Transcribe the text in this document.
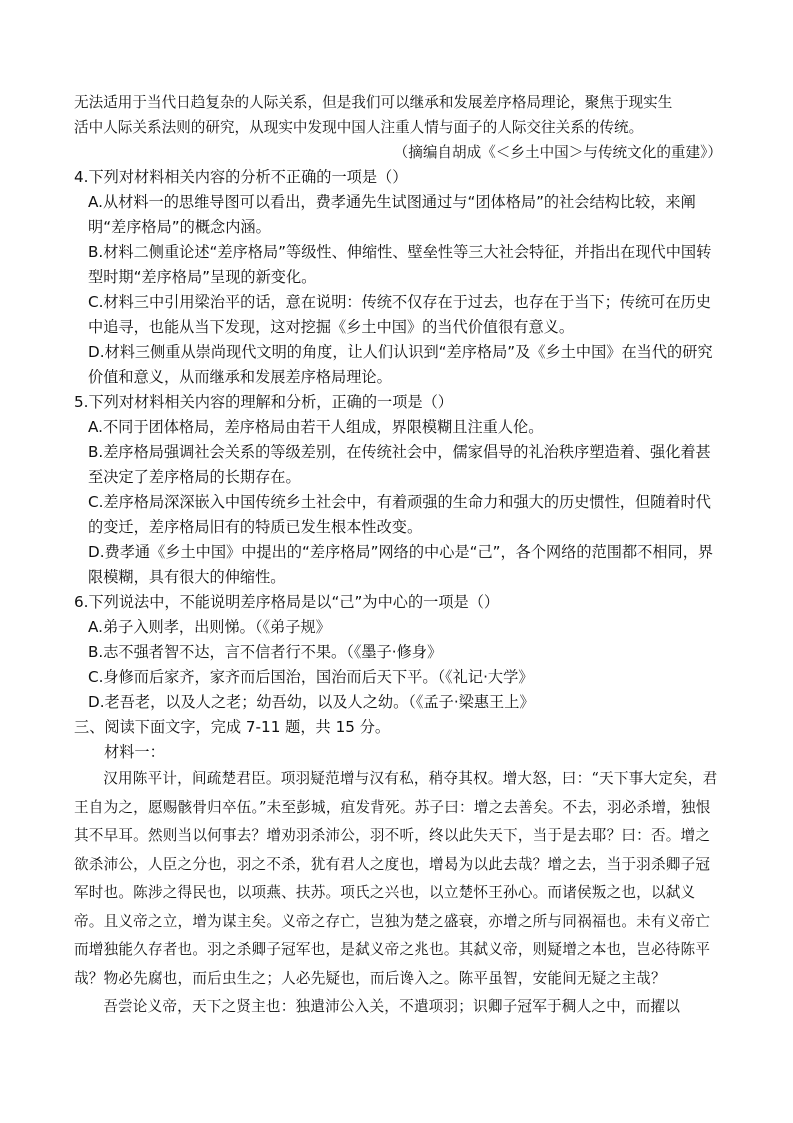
无法适用于当代日趋复杂的人际关系，但是我们可以继承和发展差序格局理论，聚焦于现实生

活中人际关系法则的研究，从现实中发现中国人注重人情与面子的人际交往关系的传统。

（摘编自胡成《＜乡土中国＞与传统文化的重建》）

4.下列对材料相关内容的分析不正确的一项是（）

A.从材料一的思维导图可以看出，费孝通先生试图通过与“团体格局”的社会结构比较，来阐明“差序格局”的概念内涵。

B.材料二侧重论述“差序格局”等级性、伸缩性、壁垒性等三大社会特征，并指出在现代中国转型时期“差序格局”呈现的新变化。

C.材料三中引用梁治平的话，意在说明：传统不仅存在于过去，也存在于当下；传统可在历史中追寻，也能从当下发现，这对挖掘《乡土中国》的当代价值很有意义。

D.材料三侧重从崇尚现代文明的角度，让人们认识到“差序格局”及《乡土中国》在当代的研究价值和意义，从而继承和发展差序格局理论。

5.下列对材料相关内容的理解和分析，正确的一项是（）

A.不同于团体格局，差序格局由若干人组成，界限模糊且注重人伦。

B.差序格局强调社会关系的等级差别，在传统社会中，儒家倡导的礼治秩序塑造着、强化着甚至决定了差序格局的长期存在。

C.差序格局深深嵌入中国传统乡土社会中，有着顽强的生命力和强大的历史惯性，但随着时代的变迁，差序格局旧有的特质已发生根本性改变。

D.费孝通《乡土中国》中提出的“差序格局”网络的中心是“己”，各个网络的范围都不相同，界限模糊，具有很大的伸缩性。

6.下列说法中，不能说明差序格局是以“己”为中心的一项是（）

A.弟子入则孝，出则悌。（《弟子规》

B.志不强者智不达，言不信者行不果。（《墨子·修身》

C.身修而后家齐，家齐而后国治，国治而后天下平。（《礼记·大学》

D.老吾老，以及人之老；幼吾幼，以及人之幼。（《孟子·梁惠王上》

三、阅读下面文字，完成 7-11 题，共 15 分。

材料一：

汉用陈平计，间疏楚君臣。项羽疑范增与汉有私，稍夺其权。增大怒，曰：“天下事大定矣，君王自为之，愿赐骸骨归卒伍。”未至彭城，疽发背死。苏子曰：增之去善矣。不去，羽必杀增，独恨其不早耳。然则当以何事去？增劝羽杀沛公，羽不听，终以此失天下，当于是去耶？曰：否。增之欲杀沛公，人臣之分也，羽之不杀，犹有君人之度也，增曷为以此去哉？增之去，当于羽杀卿子冠军时也。陈涉之得民也，以项燕、扶苏。项氏之兴也，以立楚怀王孙心。而诸侯叛之也，以弑义帝。且义帝之立，增为谋主矣。义帝之存亡，岂独为楚之盛衰，亦增之所与同祸福也。未有义帝亡而增独能久存者也。羽之杀卿子冠军也，是弑义帝之兆也。其弑义帝，则疑增之本也，岂必待陈平哉？物必先腐也，而后虫生之；人必先疑也，而后谗入之。陈平虽智，安能间无疑之主哉？

吾尝论义帝，天下之贤主也：独遣沛公入关，不遣项羽；识卿子冠军于稠人之中，而擢以
